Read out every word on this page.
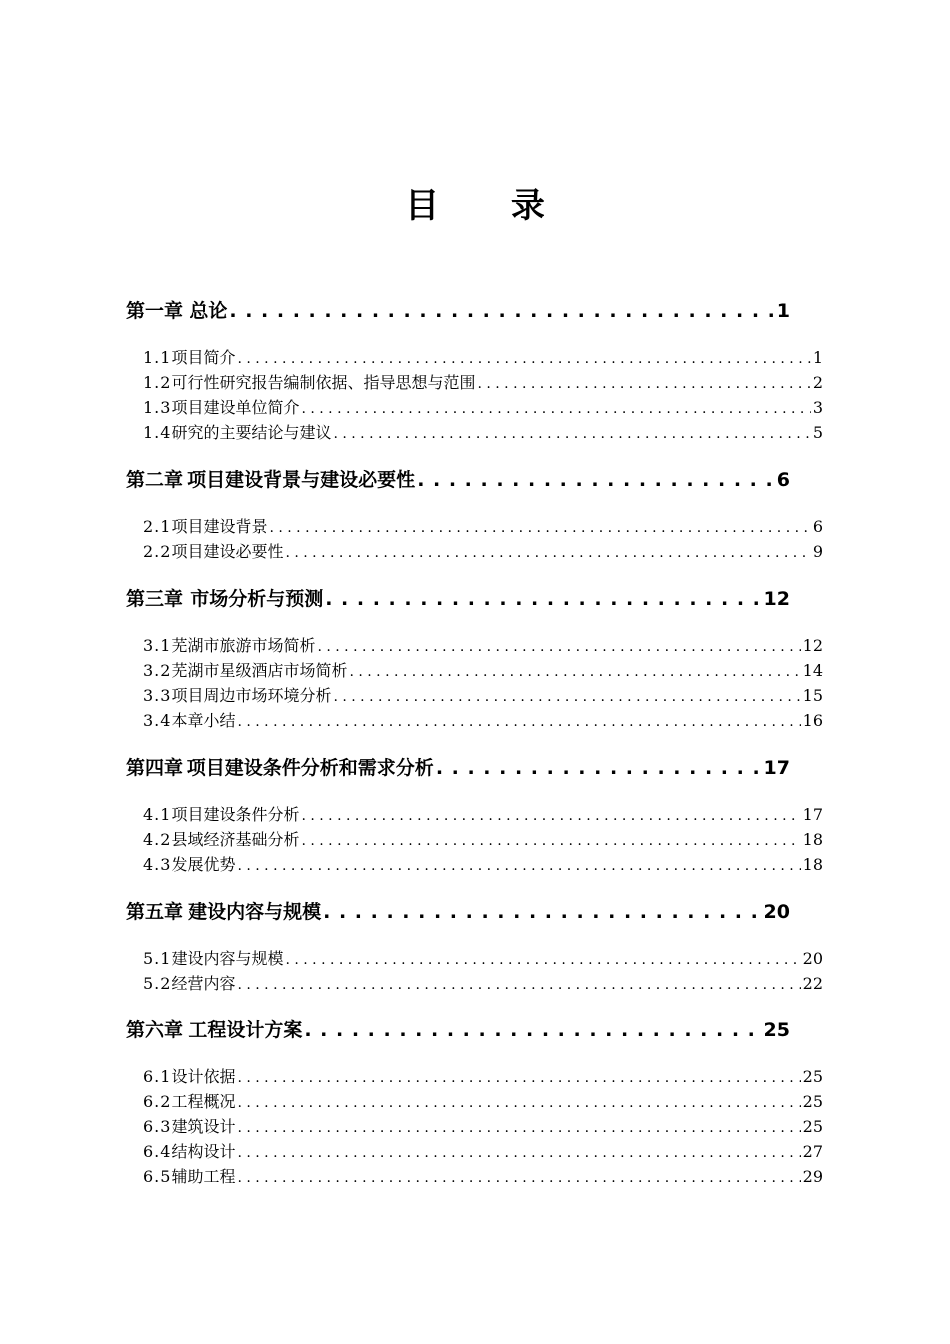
目 录
第一章 总论 . . .	1
1.1 项目简介 . . .	1
1.2 可行性研究报告编制依据、指导思想与范围 . . .	2
1.3 项目建设单位简介 . . .	3
1.4 研究的主要结论与建议 . . .	5
第二章 项目建设背景与建设必要性 . . .	6
2.1 项目建设背景 . . .	6
2.2 项目建设必要性 . . .	9
第三章 市场分析与预测 . . .	12
3.1 芜湖市旅游市场简析 . . .	12
3.2 芜湖市星级酒店市场简析 . . .	14
3.3 项目周边市场环境分析 . . .	15
3.4 本章小结 . . .	16
第四章 项目建设条件分析和需求分析 . . .	17
4.1 项目建设条件分析 . . .	17
4.2 县域经济基础分析 . . .	18
4.3 发展优势 . . .	18
第五章 建设内容与规模 . . .	20
5.1 建设内容与规模 . . .	20
5.2 经营内容 . . .	22
第六章 工程设计方案 . . .	25
6.1 设计依据 . . .	25
6.2 工程概况 . . .	25
6.3 建筑设计 . . .	25
6.4 结构设计 . . .	27
6.5 辅助工程 . . .	29
